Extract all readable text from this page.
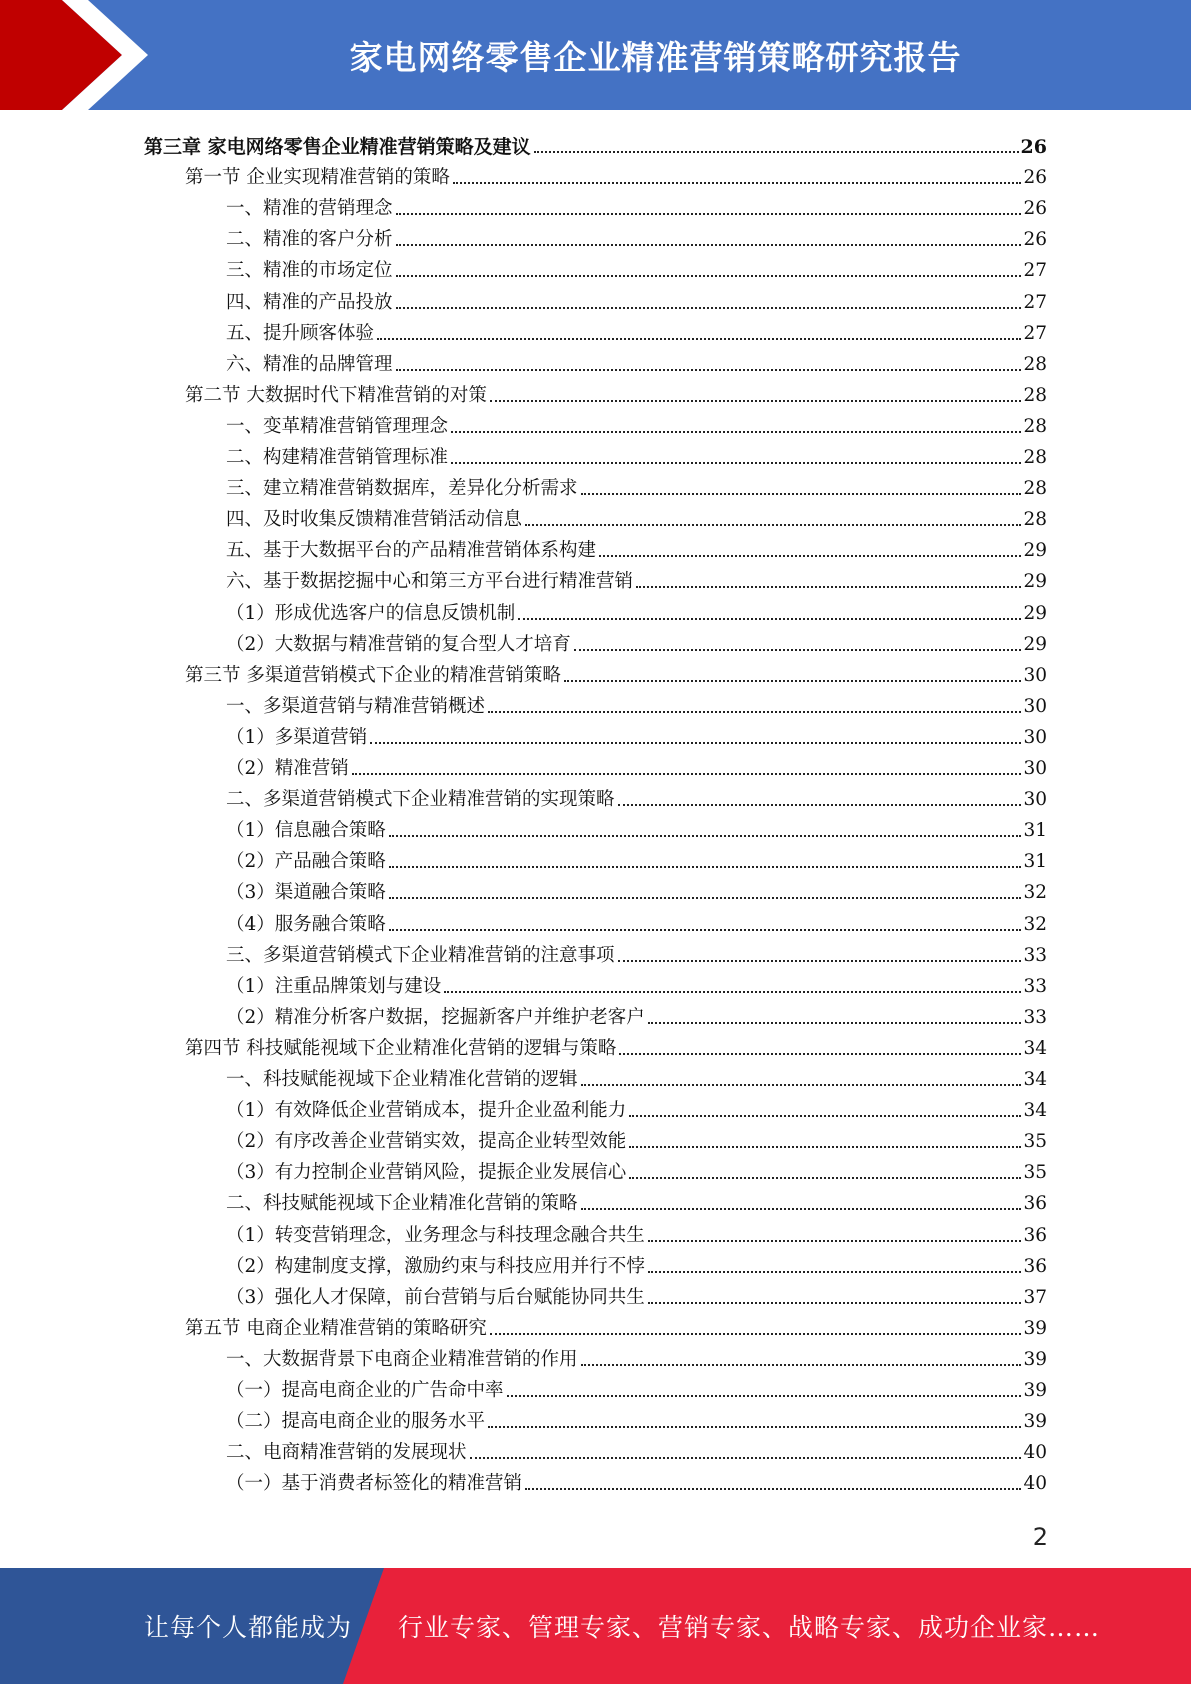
家电网络零售企业精准营销策略研究报告
第三章 家电网络零售企业精准营销策略及建议	26
第一节 企业实现精准营销的策略	26
一、精准的营销理念	26
二、精准的客户分析	26
三、精准的市场定位	27
四、精准的产品投放	27
五、提升顾客体验	27
六、精准的品牌管理	28
第二节 大数据时代下精准营销的对策	28
一、变革精准营销管理理念	28
二、构建精准营销管理标准	28
三、建立精准营销数据库，差异化分析需求	28
四、及时收集反馈精准营销活动信息	28
五、基于大数据平台的产品精准营销体系构建	29
六、基于数据挖掘中心和第三方平台进行精准营销	29
（1）形成优选客户的信息反馈机制	29
（2）大数据与精准营销的复合型人才培育	29
第三节 多渠道营销模式下企业的精准营销策略	30
一、多渠道营销与精准营销概述	30
（1）多渠道营销	30
（2）精准营销	30
二、多渠道营销模式下企业精准营销的实现策略	30
（1）信息融合策略	31
（2）产品融合策略	31
（3）渠道融合策略	32
（4）服务融合策略	32
三、多渠道营销模式下企业精准营销的注意事项	33
（1）注重品牌策划与建设	33
（2）精准分析客户数据，挖掘新客户并维护老客户	33
第四节 科技赋能视域下企业精准化营销的逻辑与策略	34
一、科技赋能视域下企业精准化营销的逻辑	34
（1）有效降低企业营销成本，提升企业盈利能力	34
（2）有序改善企业营销实效，提高企业转型效能	35
（3）有力控制企业营销风险，提振企业发展信心	35
二、科技赋能视域下企业精准化营销的策略	36
（1）转变营销理念，业务理念与科技理念融合共生	36
（2）构建制度支撑，激励约束与科技应用并行不悖	36
（3）强化人才保障，前台营销与后台赋能协同共生	37
第五节 电商企业精准营销的策略研究	39
一、大数据背景下电商企业精准营销的作用	39
（一）提高电商企业的广告命中率	39
（二）提高电商企业的服务水平	39
二、电商精准营销的发展现状	40
（一）基于消费者标签化的精准营销	40
2
让每个人都能成为 行业专家、管理专家、营销专家、战略专家、成功企业家……
